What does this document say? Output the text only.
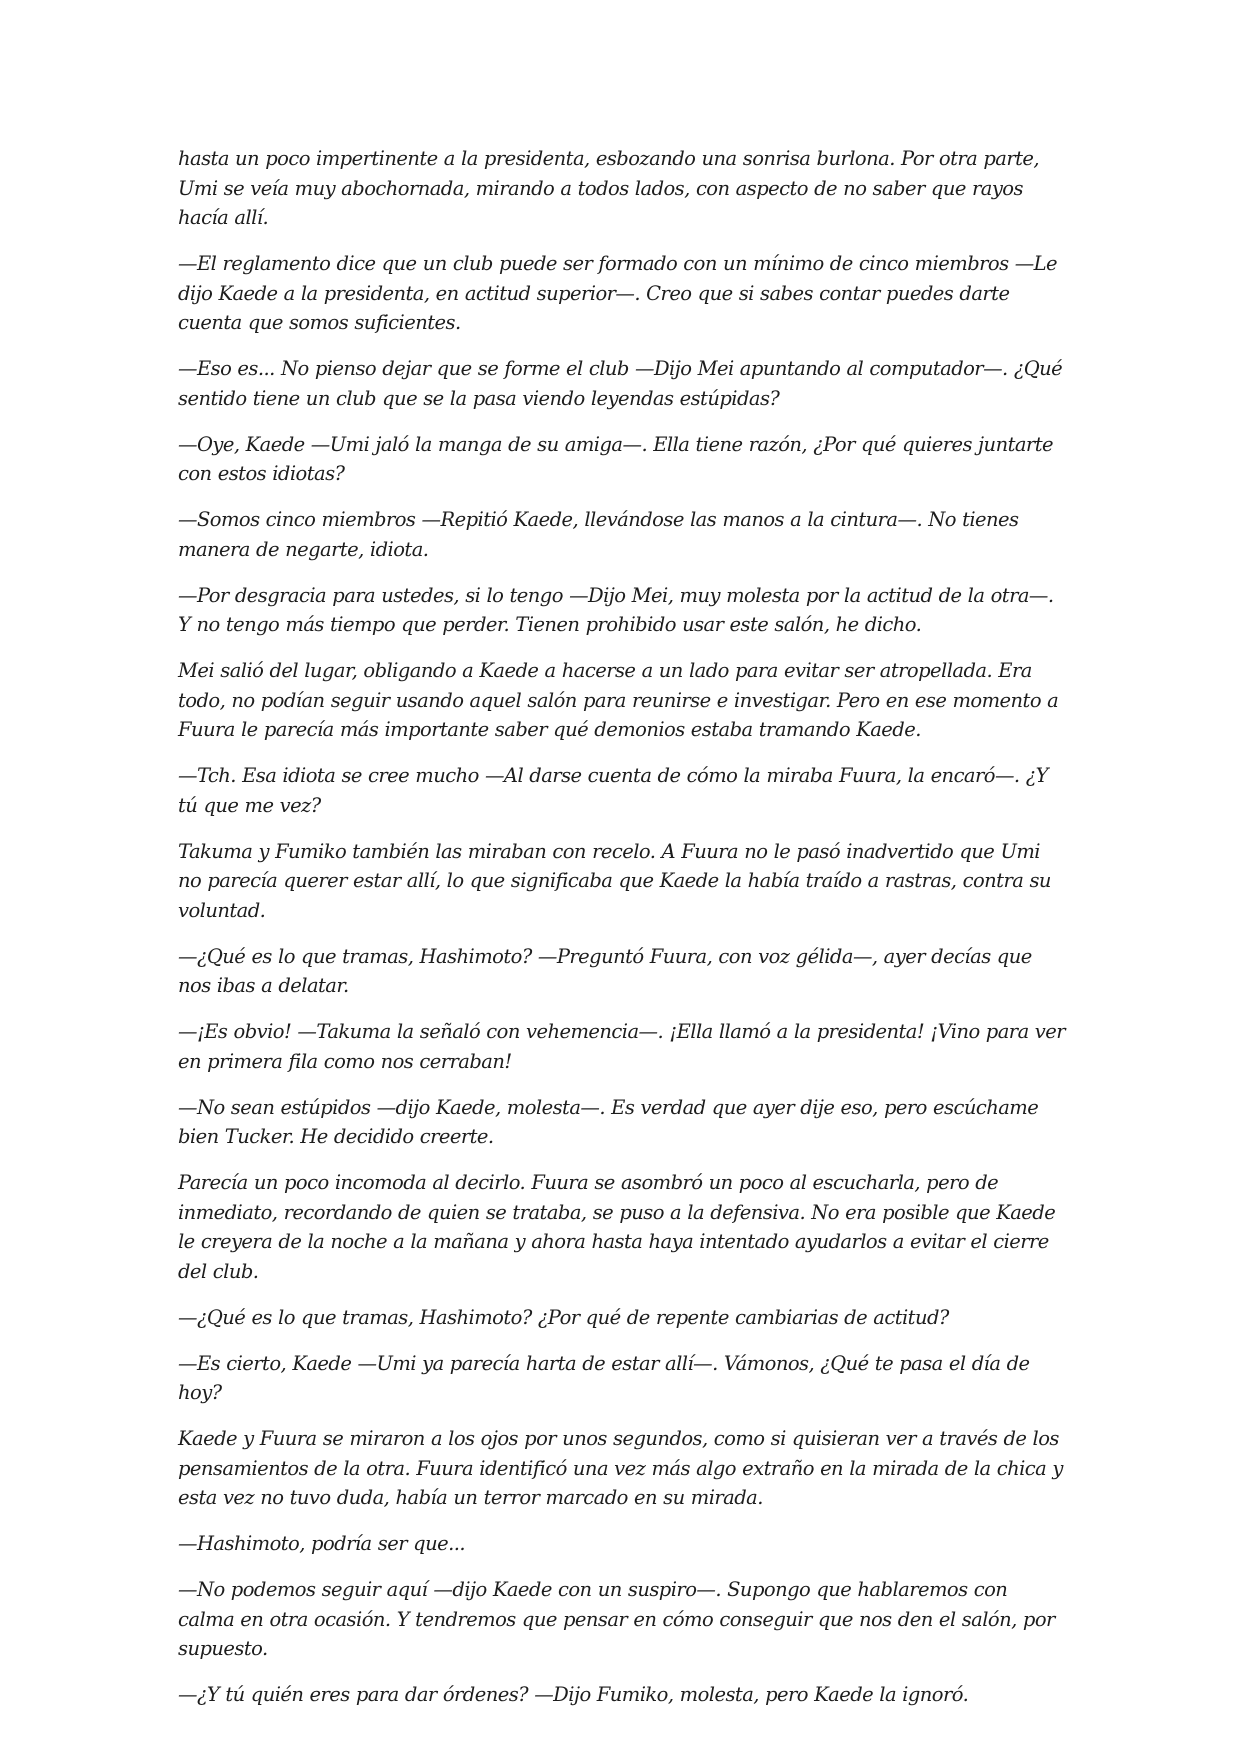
hasta un poco impertinente a la presidenta, esbozando una sonrisa burlona. Por otra parte, Umi se veía muy abochornada, mirando a todos lados, con aspecto de no saber que rayos hacía allí.

—El reglamento dice que un club puede ser formado con un mínimo de cinco miembros —Le dijo Kaede a la presidenta, en actitud superior—. Creo que si sabes contar puedes darte cuenta que somos suficientes.

—Eso es... No pienso dejar que se forme el club —Dijo Mei apuntando al computador—. ¿Qué sentido tiene un club que se la pasa viendo leyendas estúpidas?

—Oye, Kaede —Umi jaló la manga de su amiga—. Ella tiene razón, ¿Por qué quieres juntarte con estos idiotas?

—Somos cinco miembros —Repitió Kaede, llevándose las manos a la cintura—. No tienes manera de negarte, idiota.

—Por desgracia para ustedes, si lo tengo —Dijo Mei, muy molesta por la actitud de la otra—. Y no tengo más tiempo que perder. Tienen prohibido usar este salón, he dicho.

Mei salió del lugar, obligando a Kaede a hacerse a un lado para evitar ser atropellada. Era todo, no podían seguir usando aquel salón para reunirse e investigar. Pero en ese momento a Fuura le parecía más importante saber qué demonios estaba tramando Kaede.

—Tch. Esa idiota se cree mucho —Al darse cuenta de cómo la miraba Fuura, la encaró—. ¿Y tú que me vez?

Takuma y Fumiko también las miraban con recelo. A Fuura no le pasó inadvertido que Umi no parecía querer estar allí, lo que significaba que Kaede la había traído a rastras, contra su voluntad.

—¿Qué es lo que tramas, Hashimoto? —Preguntó Fuura, con voz gélida—, ayer decías que nos ibas a delatar.

—¡Es obvio! —Takuma la señaló con vehemencia—. ¡Ella llamó a la presidenta! ¡Vino para ver en primera fila como nos cerraban!

—No sean estúpidos —dijo Kaede, molesta—. Es verdad que ayer dije eso, pero escúchame bien Tucker. He decidido creerte.

Parecía un poco incomoda al decirlo. Fuura se asombró un poco al escucharla, pero de inmediato, recordando de quien se trataba, se puso a la defensiva. No era posible que Kaede le creyera de la noche a la mañana y ahora hasta haya intentado ayudarlos a evitar el cierre del club.

—¿Qué es lo que tramas, Hashimoto? ¿Por qué de repente cambiarias de actitud?

—Es cierto, Kaede —Umi ya parecía harta de estar allí—. Vámonos, ¿Qué te pasa el día de hoy?

Kaede y Fuura se miraron a los ojos por unos segundos, como si quisieran ver a través de los pensamientos de la otra. Fuura identificó una vez más algo extraño en la mirada de la chica y esta vez no tuvo duda, había un terror marcado en su mirada.

—Hashimoto, podría ser que...

—No podemos seguir aquí —dijo Kaede con un suspiro—. Supongo que hablaremos con calma en otra ocasión. Y tendremos que pensar en cómo conseguir que nos den el salón, por supuesto.

—¿Y tú quién eres para dar órdenes? —Dijo Fumiko, molesta, pero Kaede la ignoró.
